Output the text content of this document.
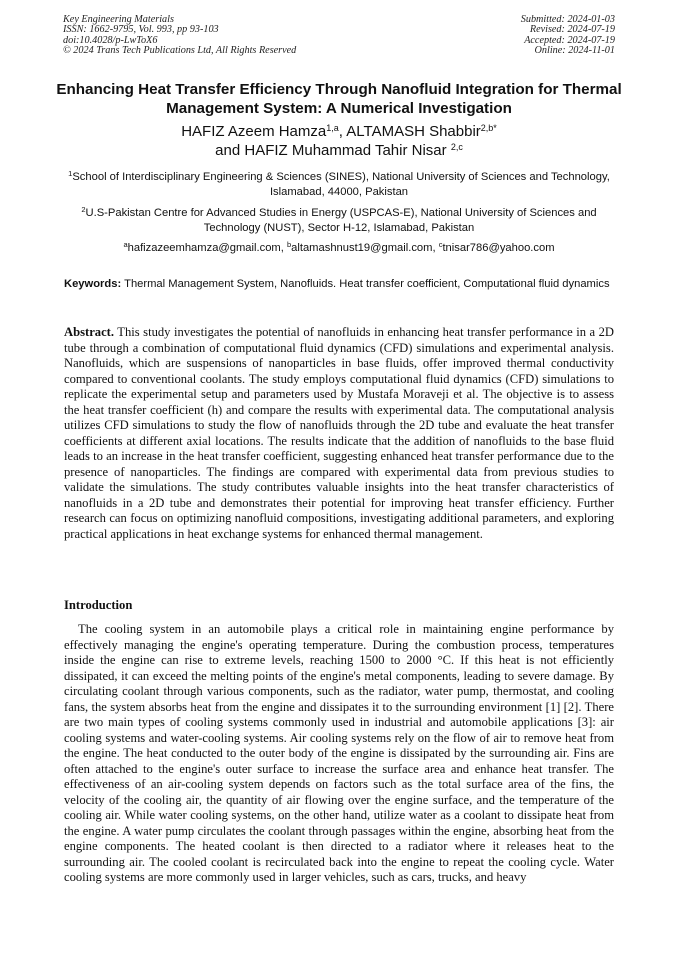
Key Engineering Materials
ISSN: 1662-9795, Vol. 993, pp 93-103
doi:10.4028/p-LwToX6
© 2024 Trans Tech Publications Ltd, All Rights Reserved
Submitted: 2024-01-03
Revised: 2024-07-19
Accepted: 2024-07-19
Online: 2024-11-01
Enhancing Heat Transfer Efficiency Through Nanofluid Integration for Thermal Management System: A Numerical Investigation
HAFIZ Azeem Hamza$^{1,a}$, ALTAMASH Shabbir$^{2,b*}$
and HAFIZ Muhammad Tahir Nisar $^{2,c}$
$^1$School of Interdisciplinary Engineering & Sciences (SINES), National University of Sciences and Technology, Islamabad, 44000, Pakistan
$^2$U.S-Pakistan Centre for Advanced Studies in Energy (USPCAS-E), National University of Sciences and Technology (NUST), Sector H-12, Islamabad, Pakistan
$^a$hafizazeemhamza@gmail.com, $^b$altamashnust19@gmail.com, $^c$tnisar786@yahoo.com
Keywords: Thermal Management System, Nanofluids. Heat transfer coefficient, Computational fluid dynamics
Abstract. This study investigates the potential of nanofluids in enhancing heat transfer performance in a 2D tube through a combination of computational fluid dynamics (CFD) simulations and experimental analysis. Nanofluids, which are suspensions of nanoparticles in base fluids, offer improved thermal conductivity compared to conventional coolants. The study employs computational fluid dynamics (CFD) simulations to replicate the experimental setup and parameters used by Mustafa Moraveji et al. The objective is to assess the heat transfer coefficient (h) and compare the results with experimental data. The computational analysis utilizes CFD simulations to study the flow of nanofluids through the 2D tube and evaluate the heat transfer coefficients at different axial locations. The results indicate that the addition of nanofluids to the base fluid leads to an increase in the heat transfer coefficient, suggesting enhanced heat transfer performance due to the presence of nanoparticles. The findings are compared with experimental data from previous studies to validate the simulations. The study contributes valuable insights into the heat transfer characteristics of nanofluids in a 2D tube and demonstrates their potential for improving heat transfer efficiency. Further research can focus on optimizing nanofluid compositions, investigating additional parameters, and exploring practical applications in heat exchange systems for enhanced thermal management.
Introduction
The cooling system in an automobile plays a critical role in maintaining engine performance by effectively managing the engine's operating temperature. During the combustion process, temperatures inside the engine can rise to extreme levels, reaching 1500 to 2000 °C. If this heat is not efficiently dissipated, it can exceed the melting points of the engine's metal components, leading to severe damage. By circulating coolant through various components, such as the radiator, water pump, thermostat, and cooling fans, the system absorbs heat from the engine and dissipates it to the surrounding environment [1] [2]. There are two main types of cooling systems commonly used in industrial and automobile applications [3]: air cooling systems and water-cooling systems. Air cooling systems rely on the flow of air to remove heat from the engine. The heat conducted to the outer body of the engine is dissipated by the surrounding air. Fins are often attached to the engine's outer surface to increase the surface area and enhance heat transfer. The effectiveness of an air-cooling system depends on factors such as the total surface area of the fins, the velocity of the cooling air, the quantity of air flowing over the engine surface, and the temperature of the cooling air. While water cooling systems, on the other hand, utilize water as a coolant to dissipate heat from the engine. A water pump circulates the coolant through passages within the engine, absorbing heat from the engine components. The heated coolant is then directed to a radiator where it releases heat to the surrounding air. The cooled coolant is recirculated back into the engine to repeat the cooling cycle. Water cooling systems are more commonly used in larger vehicles, such as cars, trucks, and heavy
